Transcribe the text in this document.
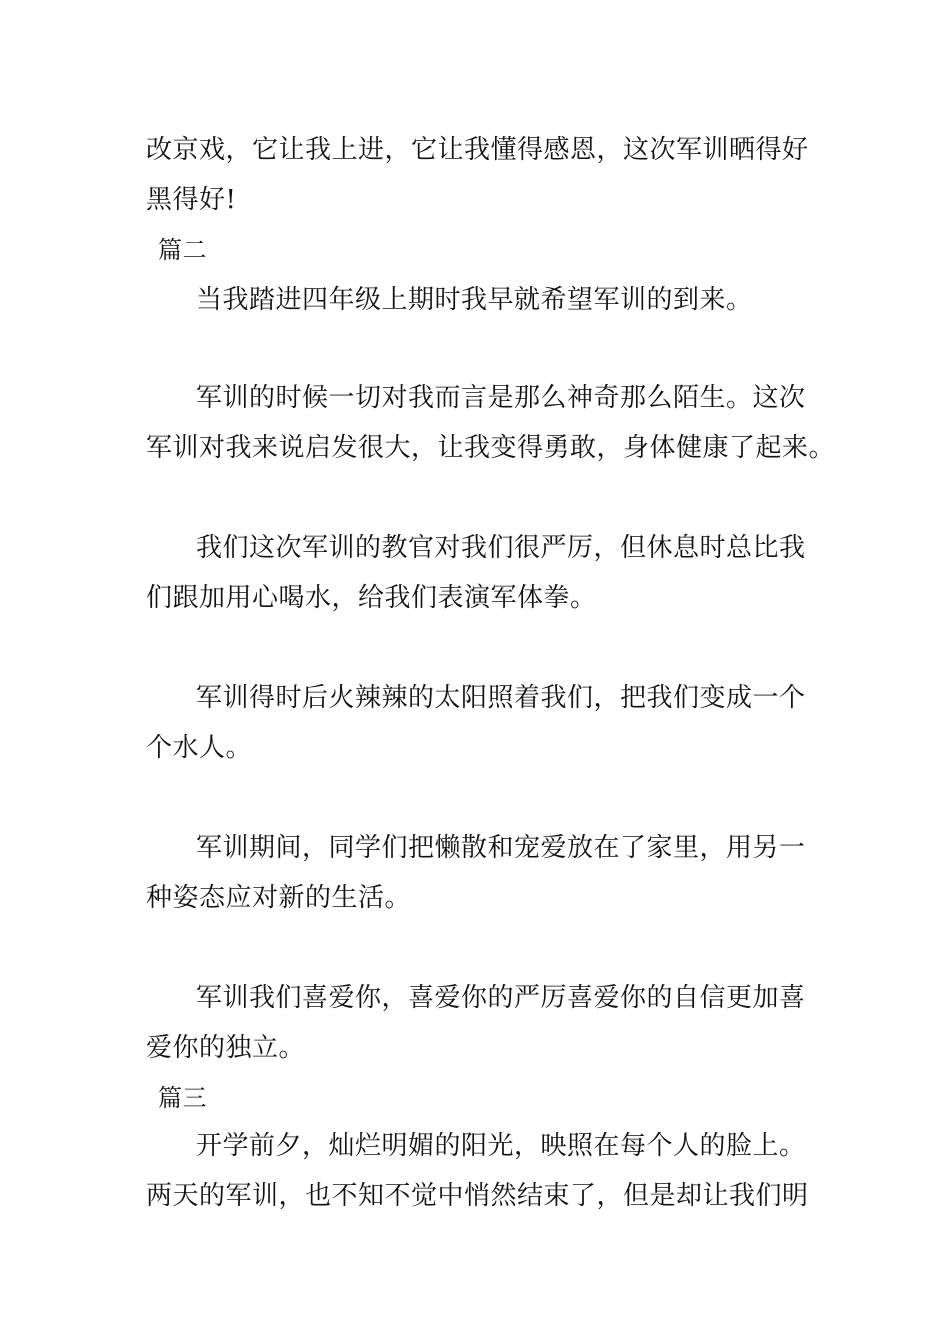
改京戏，它让我上进，它让我懂得感恩，这次军训晒得好
黑得好!
篇二
当我踏进四年级上期时我早就希望军训的到来。
军训的时候一切对我而言是那么神奇那么陌生。这次
军训对我来说启发很大，让我变得勇敢，身体健康了起来。
我们这次军训的教官对我们很严厉，但休息时总比我
们跟加用心喝水，给我们表演军体拳。
军训得时后火辣辣的太阳照着我们，把我们变成一个
个水人。
军训期间，同学们把懒散和宠爱放在了家里，用另一
种姿态应对新的生活。
军训我们喜爱你，喜爱你的严厉喜爱你的自信更加喜
爱你的独立。
篇三
开学前夕，灿烂明媚的阳光，映照在每个人的脸上。
两天的军训，也不知不觉中悄然结束了，但是却让我们明
